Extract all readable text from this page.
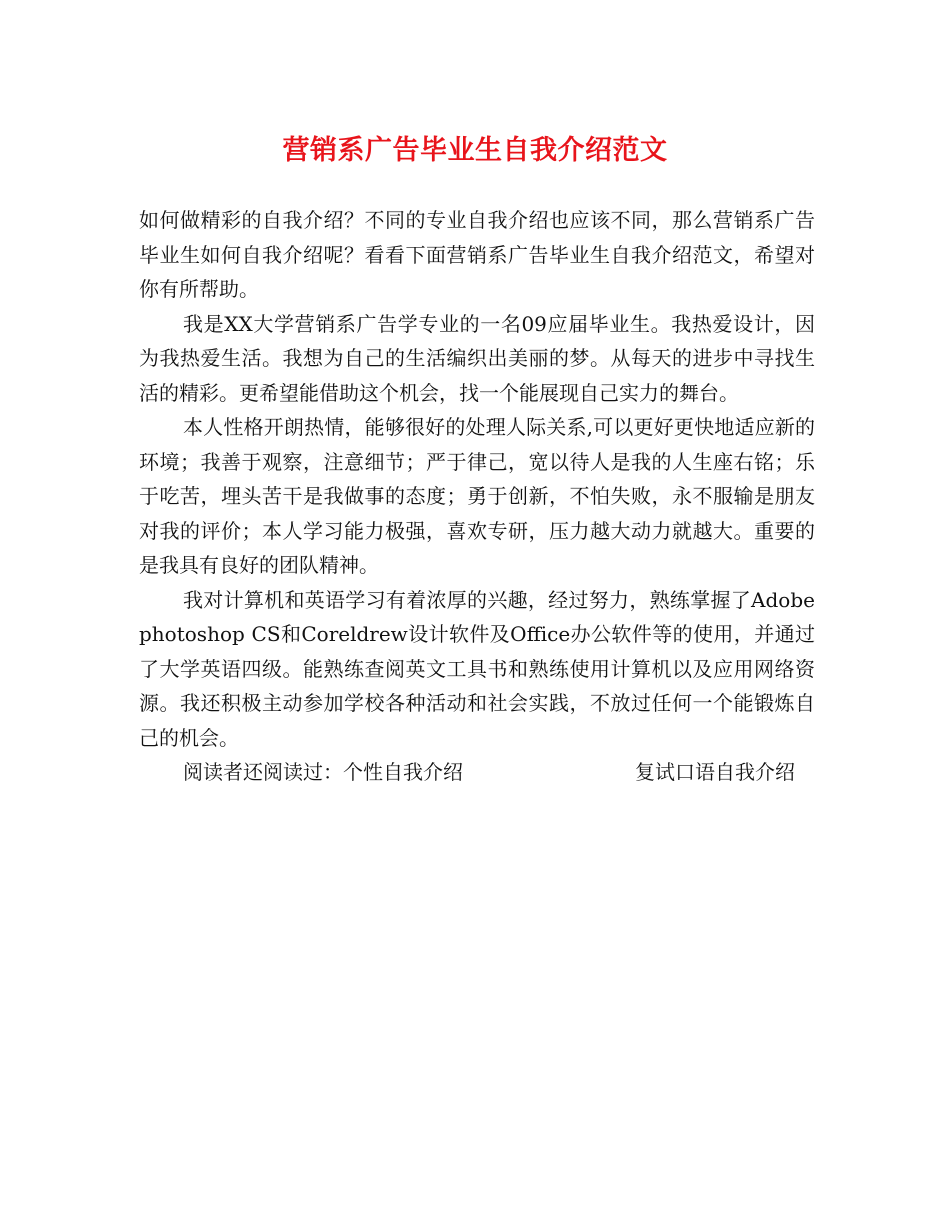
营销系广告毕业生自我介绍范文

如何做精彩的自我介绍？不同的专业自我介绍也应该不同，那么营销系广告毕业生如何自我介绍呢？看看下面营销系广告毕业生自我介绍范文，希望对你有所帮助。

我是XX大学营销系广告学专业的一名09应届毕业生。我热爱设计，因为我热爱生活。我想为自己的生活编织出美丽的梦。从每天的进步中寻找生活的精彩。更希望能借助这个机会，找一个能展现自己实力的舞台。

本人性格开朗热情，能够很好的处理人际关系,可以更好更快地适应新的环境；我善于观察，注意细节；严于律己，宽以待人是我的人生座右铭；乐于吃苦，埋头苦干是我做事的态度；勇于创新，不怕失败，永不服输是朋友对我的评价；本人学习能力极强，喜欢专研，压力越大动力就越大。重要的是我具有良好的团队精神。

我对计算机和英语学习有着浓厚的兴趣，经过努力，熟练掌握了Adobe photoshop CS和Coreldrew设计软件及Office办公软件等的使用，并通过了大学英语四级。能熟练查阅英文工具书和熟练使用计算机以及应用网络资源。我还积极主动参加学校各种活动和社会实践，不放过任何一个能锻炼自己的机会。

阅读者还阅读过：个性自我介绍	复试口语自我介绍
